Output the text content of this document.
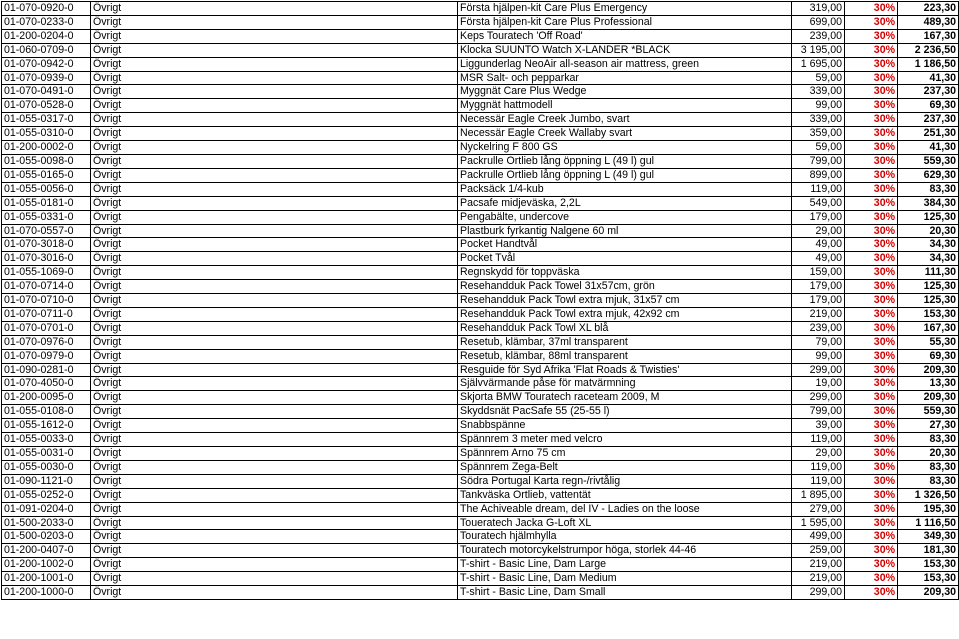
01-070-0920-0	Övrigt	Första hjälpen-kit Care Plus Emergency	319,00	30%	223,30
01-070-0233-0	Övrigt	Första hjälpen-kit Care Plus Professional	699,00	30%	489,30
01-200-0204-0	Övrigt	Keps Touratech 'Off Road'	239,00	30%	167,30
01-060-0709-0	Övrigt	Klocka SUUNTO Watch X-LANDER *BLACK	3 195,00	30%	2 236,50
01-070-0942-0	Övrigt	Liggunderlag NeoAir all-season air mattress, green	1 695,00	30%	1 186,50
01-070-0939-0	Övrigt	MSR Salt- och pepparkar	59,00	30%	41,30
01-070-0491-0	Övrigt	Myggnät Care Plus Wedge	339,00	30%	237,30
01-070-0528-0	Övrigt	Myggnät hattmodell	99,00	30%	69,30
01-055-0317-0	Övrigt	Necessär Eagle Creek Jumbo, svart	339,00	30%	237,30
01-055-0310-0	Övrigt	Necessär Eagle Creek Wallaby svart	359,00	30%	251,30
01-200-0002-0	Övrigt	Nyckelring F 800 GS	59,00	30%	41,30
01-055-0098-0	Övrigt	Packrulle Ortlieb lång öppning L (49 l) gul	799,00	30%	559,30
01-055-0165-0	Övrigt	Packrulle Ortlieb lång öppning L (49 l) gul	899,00	30%	629,30
01-055-0056-0	Övrigt	Packsäck 1/4-kub	119,00	30%	83,30
01-055-0181-0	Övrigt	Pacsafe midjeväska, 2,2L	549,00	30%	384,30
01-055-0331-0	Övrigt	Pengabälte, undercove	179,00	30%	125,30
01-070-0557-0	Övrigt	Plastburk fyrkantig Nalgene 60 ml	29,00	30%	20,30
01-070-3018-0	Övrigt	Pocket Handtvål	49,00	30%	34,30
01-070-3016-0	Övrigt	Pocket Tvål	49,00	30%	34,30
01-055-1069-0	Övrigt	Regnskydd för toppväska	159,00	30%	111,30
01-070-0714-0	Övrigt	Resehandduk Pack Towel 31x57cm, grön	179,00	30%	125,30
01-070-0710-0	Övrigt	Resehandduk Pack Towl extra mjuk, 31x57 cm	179,00	30%	125,30
01-070-0711-0	Övrigt	Resehandduk Pack Towl extra mjuk, 42x92 cm	219,00	30%	153,30
01-070-0701-0	Övrigt	Resehandduk Pack Towl XL blå	239,00	30%	167,30
01-070-0976-0	Övrigt	Resetub, klämbar, 37ml transparent	79,00	30%	55,30
01-070-0979-0	Övrigt	Resetub, klämbar, 88ml transparent	99,00	30%	69,30
01-090-0281-0	Övrigt	Resguide för Syd Afrika 'Flat Roads & Twisties'	299,00	30%	209,30
01-070-4050-0	Övrigt	Självvärmande påse för matvärmning	19,00	30%	13,30
01-200-0095-0	Övrigt	Skjorta BMW Touratech raceteam 2009, M	299,00	30%	209,30
01-055-0108-0	Övrigt	Skyddsnät PacSafe 55 (25-55 l)	799,00	30%	559,30
01-055-1612-0	Övrigt	Snabbspänne	39,00	30%	27,30
01-055-0033-0	Övrigt	Spännrem 3 meter med velcro	119,00	30%	83,30
01-055-0031-0	Övrigt	Spännrem Arno 75 cm	29,00	30%	20,30
01-055-0030-0	Övrigt	Spännrem Zega-Belt	119,00	30%	83,30
01-090-1121-0	Övrigt	Södra Portugal Karta regn-/rivtålig	119,00	30%	83,30
01-055-0252-0	Övrigt	Tankväska Ortlieb, vattentät	1 895,00	30%	1 326,50
01-091-0204-0	Övrigt	The Achiveable dream, del IV - Ladies on the loose	279,00	30%	195,30
01-500-2033-0	Övrigt	Toueratech Jacka G-Loft XL	1 595,00	30%	1 116,50
01-500-0203-0	Övrigt	Touratech hjälmhylla	499,00	30%	349,30
01-200-0407-0	Övrigt	Touratech motorcykelstrumpor höga, storlek 44-46	259,00	30%	181,30
01-200-1002-0	Övrigt	T-shirt - Basic Line, Dam Large	219,00	30%	153,30
01-200-1001-0	Övrigt	T-shirt - Basic Line, Dam Medium	219,00	30%	153,30
01-200-1000-0	Övrigt	T-shirt - Basic Line, Dam Small	299,00	30%	209,30
